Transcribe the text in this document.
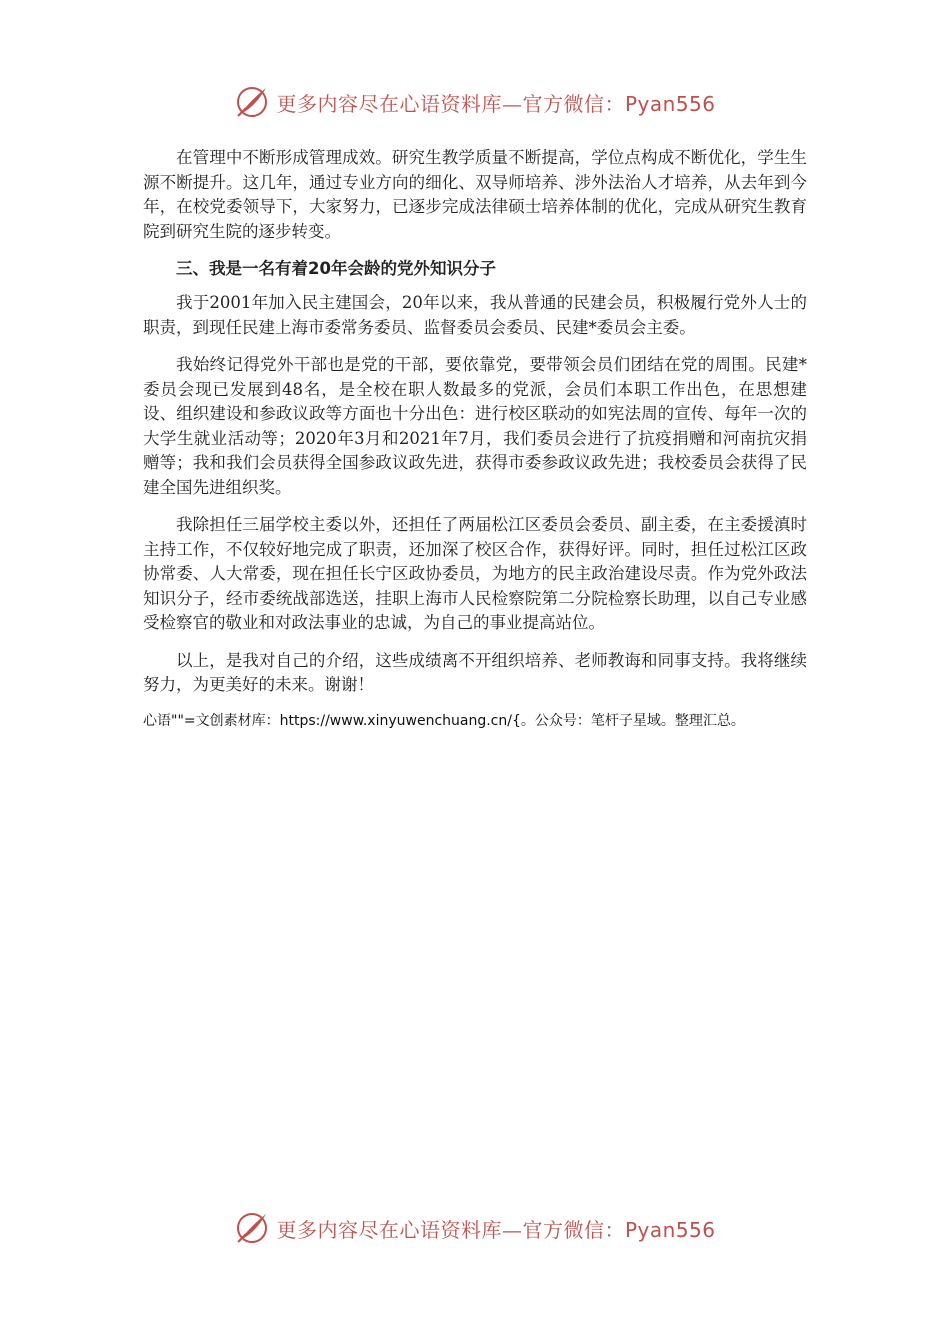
更多内容尽在心语资料库—官方微信：Pyan556

在管理中不断形成管理成效。研究生教学质量不断提高，学位点构成不断优化，学生生源不断提升。这几年，通过专业方向的细化、双导师培养、涉外法治人才培养，从去年到今年，在校党委领导下，大家努力，已逐步完成法律硕士培养体制的优化，完成从研究生教育院到研究生院的逐步转变。

三、我是一名有着20年会龄的党外知识分子

我于2001年加入民主建国会，20年以来，我从普通的民建会员，积极履行党外人士的职责，到现任民建上海市委常务委员、监督委员会委员、民建*委员会主委。

我始终记得党外干部也是党的干部，要依靠党，要带领会员们团结在党的周围。民建*委员会现已发展到48名，是全校在职人数最多的党派，会员们本职工作出色，在思想建设、组织建设和参政议政等方面也十分出色：进行校区联动的如宪法周的宣传、每年一次的大学生就业活动等；2020年3月和2021年7月，我们委员会进行了抗疫捐赠和河南抗灾捐赠等；我和我们会员获得全国参政议政先进，获得市委参政议政先进；我校委员会获得了民建全国先进组织奖。

我除担任三届学校主委以外，还担任了两届松江区委员会委员、副主委，在主委援滇时主持工作，不仅较好地完成了职责，还加深了校区合作，获得好评。同时，担任过松江区政协常委、人大常委，现在担任长宁区政协委员，为地方的民主政治建设尽责。作为党外政法知识分子，经市委统战部选送，挂职上海市人民检察院第二分院检察长助理，以自己专业感受检察官的敬业和对政法事业的忠诚，为自己的事业提高站位。

以上，是我对自己的介绍，这些成绩离不开组织培养、老师教诲和同事支持。我将继续努力，为更美好的未来。谢谢！

心语""=文创素材库：https://www.xinyuwenchuang.cn/{。公众号：笔杆子星域。整理汇总。

更多内容尽在心语资料库—官方微信：Pyan556
